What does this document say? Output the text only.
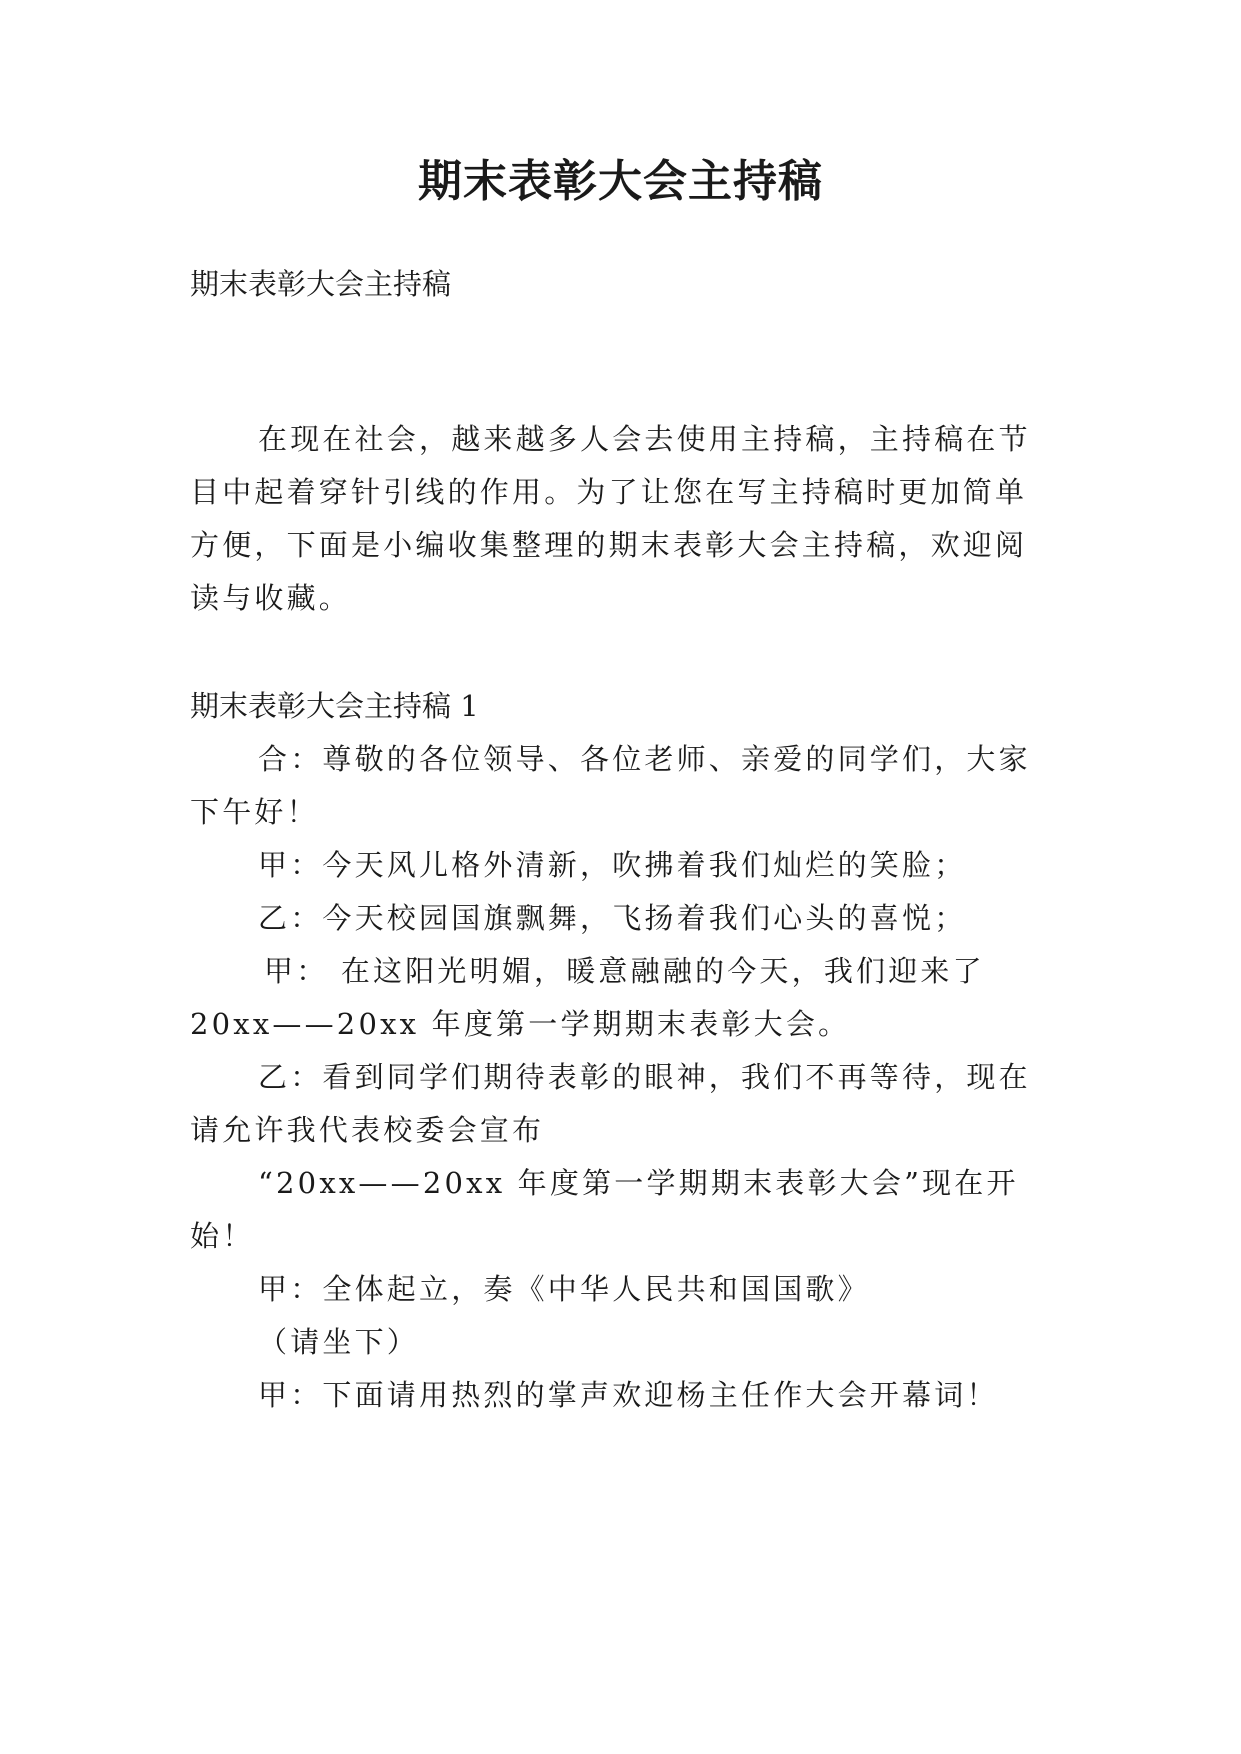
期末表彰大会主持稿

期末表彰大会主持稿

在现在社会，越来越多人会去使用主持稿，主持稿在节

目中起着穿针引线的作用。为了让您在写主持稿时更加简单

方便，下面是小编收集整理的期末表彰大会主持稿，欢迎阅

读与收藏。

期末表彰大会主持稿 1

合：尊敬的各位领导、各位老师、亲爱的同学们，大家

下午好！

甲：今天风儿格外清新，吹拂着我们灿烂的笑脸；

乙：今天校园国旗飘舞，飞扬着我们心头的喜悦；

甲： 在这阳光明媚，暖意融融的今天，我们迎来了

20xx——20xx 年度第一学期期末表彰大会。

乙：看到同学们期待表彰的眼神，我们不再等待，现在

请允许我代表校委会宣布

“20xx——20xx 年度第一学期期末表彰大会”现在开

始！

甲：全体起立，奏《中华人民共和国国歌》

（请坐下）

甲：下面请用热烈的掌声欢迎杨主任作大会开幕词！
